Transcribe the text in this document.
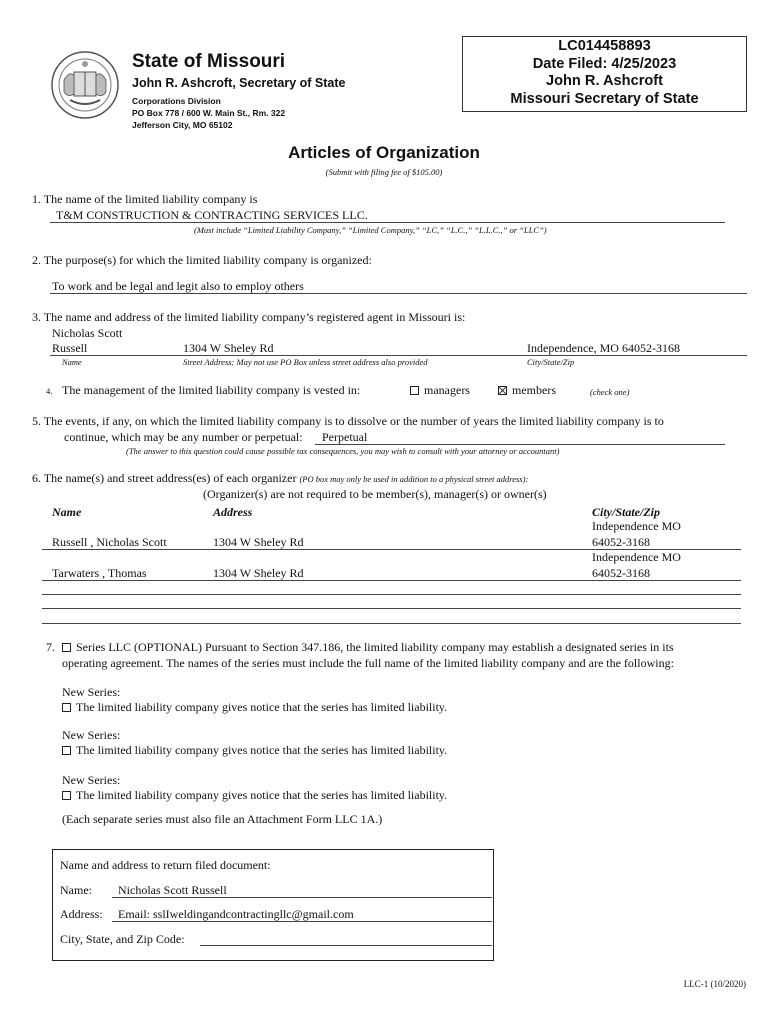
State of Missouri
John R. Ashcroft, Secretary of State
Corporations Division
PO Box 778 / 600 W. Main St., Rm. 322
Jefferson City, MO 65102
LC014458893
Date Filed: 4/25/2023
John R. Ashcroft
Missouri Secretary of State
Articles of Organization
(Submit with filing fee of $105.00)
1. The name of the limited liability company is
T&M CONSTRUCTION & CONTRACTING SERVICES LLC.
(Must include “Limited Liability Company,” “Limited Company,” “LC,” “L.C.,” “L.L.C.,” or “LLC”)
2. The purpose(s) for which the limited liability company is organized:
To work and be legal and legit also to employ others
3. The name and address of the limited liability company’s registered agent in Missouri is:
Nicholas Scott
Russell	1304 W Sheley Rd	Independence, MO 64052-3168
Name	Street Address: May not use PO Box unless street address also provided	City/State/Zip
4. The management of the limited liability company is vested in:	managers	members	(check one)
5. The events, if any, on which the limited liability company is to dissolve or the number of years the limited liability company is to
continue, which may be any number or perpetual: Perpetual
(The answer to this question could cause possible tax consequences, you may wish to consult with your attorney or accountant)
6. The name(s) and street address(es) of each organizer (PO box may only be used in addition to a physical street address):
(Organizer(s) are not required to be member(s), manager(s) or owner(s)
Name	Address	City/State/Zip
Independence MO
Russell , Nicholas Scott	1304 W Sheley Rd	64052-3168
Independence MO
Tarwaters , Thomas	1304 W Sheley Rd	64052-3168
7.	Series LLC (OPTIONAL) Pursuant to Section 347.186, the limited liability company may establish a designated series in its
operating agreement. The names of the series must include the full name of the limited liability company and are the following:
New Series:
The limited liability company gives notice that the series has limited liability.
New Series:
The limited liability company gives notice that the series has limited liability.
New Series:
The limited liability company gives notice that the series has limited liability.
(Each separate series must also file an Attachment Form LLC 1A.)
Name and address to return filed document:
Name: Nicholas Scott Russell
Address: Email: sslIweldingandcontractingllc@gmail.com
City, State, and Zip Code:
LLC-1 (10/2020)
